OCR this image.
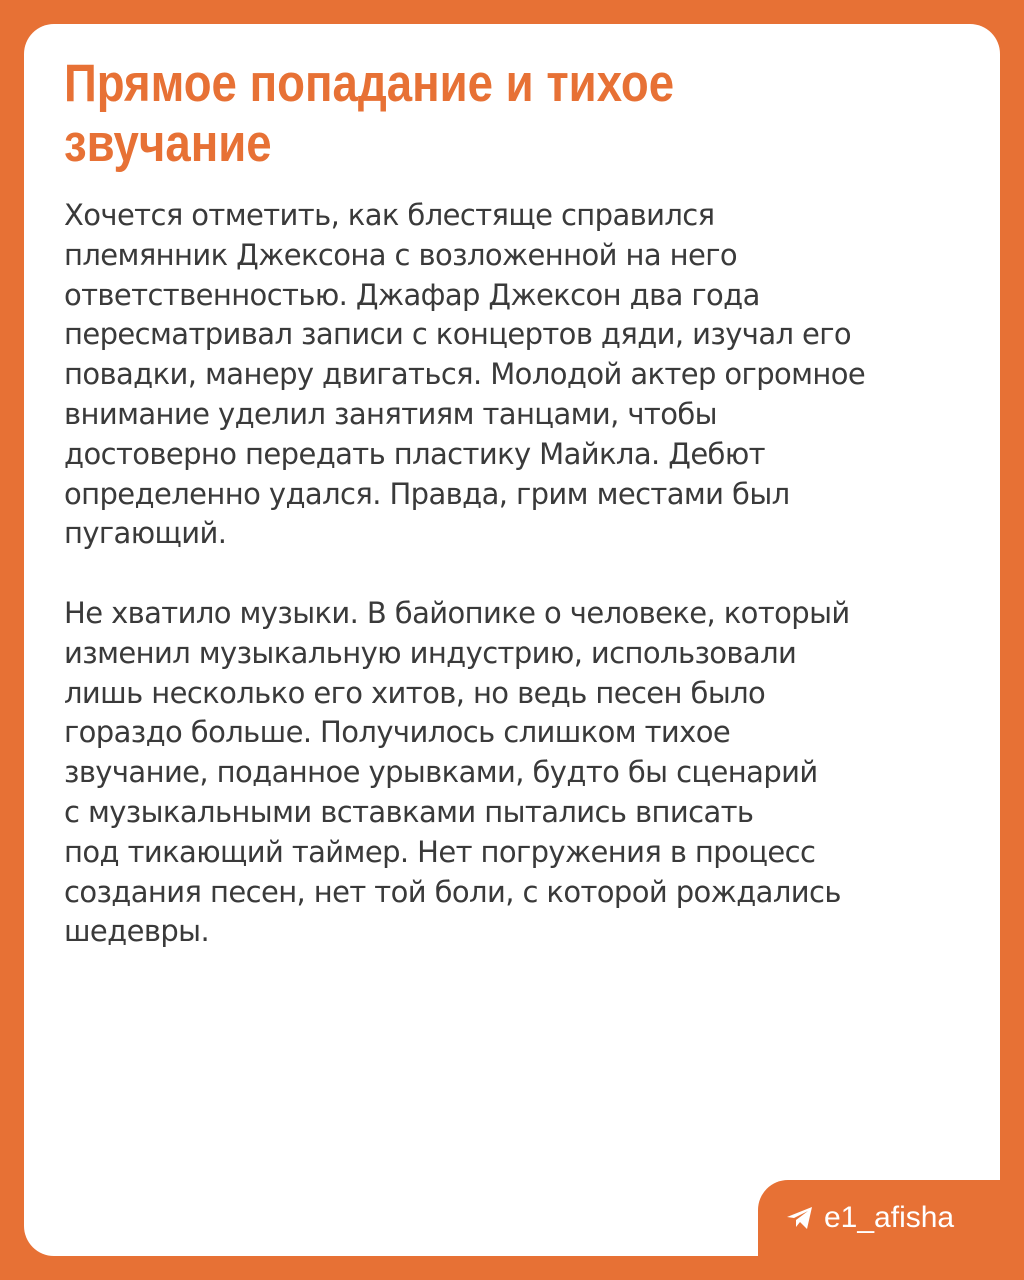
Прямое попадание и тихое
звучание

Хочется отметить, как блестяще справился
племянник Джексона с возложенной на него
ответственностью. Джафар Джексон два года
пересматривал записи с концертов дяди, изучал его
повадки, манеру двигаться. Молодой актер огромное
внимание уделил занятиям танцами, чтобы
достоверно передать пластику Майкла. Дебют
определенно удался. Правда, грим местами был
пугающий.

Не хватило музыки. В байопике о человеке, который
изменил музыкальную индустрию, использовали
лишь несколько его хитов, но ведь песен было
гораздо больше. Получилось слишком тихое
звучание, поданное урывками, будто бы сценарий
с музыкальными вставками пытались вписать
под тикающий таймер. Нет погружения в процесс
создания песен, нет той боли, с которой рождались
шедевры.

e1_afisha
